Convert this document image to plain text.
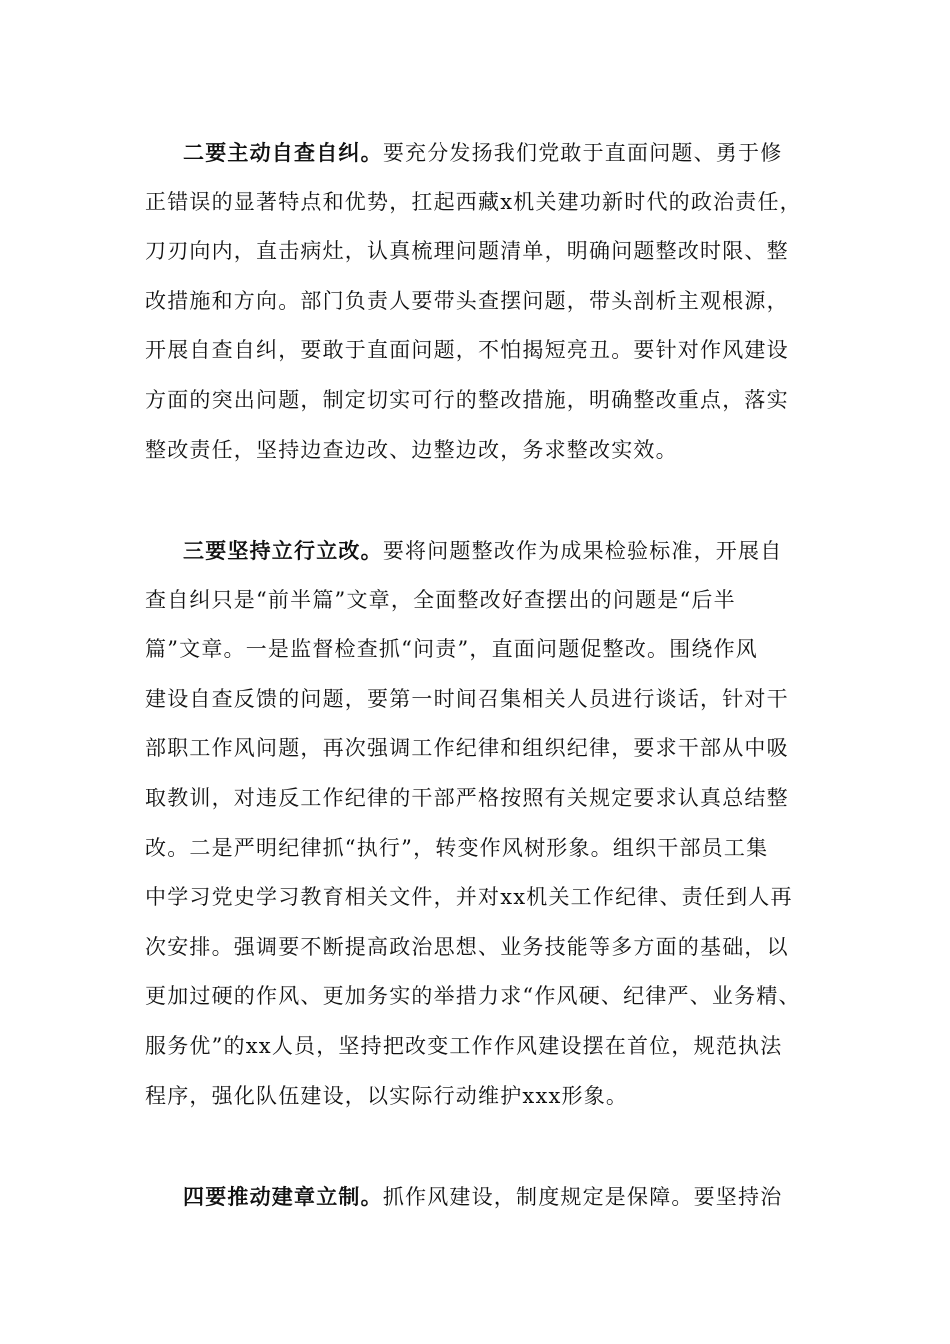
二要主动自查自纠。要充分发扬我们党敢于直面问题、勇于修
正错误的显著特点和优势，扛起西藏x机关建功新时代的政治责任，
刀刃向内，直击病灶，认真梳理问题清单，明确问题整改时限、整
改措施和方向。部门负责人要带头查摆问题，带头剖析主观根源，
开展自查自纠，要敢于直面问题，不怕揭短亮丑。要针对作风建设
方面的突出问题，制定切实可行的整改措施，明确整改重点，落实
整改责任，坚持边查边改、边整边改，务求整改实效。
三要坚持立行立改。要将问题整改作为成果检验标准，开展自
查自纠只是“前半篇”文章，全面整改好查摆出的问题是“后半
篇”文章。一是监督检查抓“问责”，直面问题促整改。围绕作风
建设自查反馈的问题，要第一时间召集相关人员进行谈话，针对干
部职工作风问题，再次强调工作纪律和组织纪律，要求干部从中吸
取教训，对违反工作纪律的干部严格按照有关规定要求认真总结整
改。二是严明纪律抓“执行”，转变作风树形象。组织干部员工集
中学习党史学习教育相关文件，并对xx机关工作纪律、责任到人再
次安排。强调要不断提高政治思想、业务技能等多方面的基础，以
更加过硬的作风、更加务实的举措力求“作风硬、纪律严、业务精、
服务优”的xx人员，坚持把改变工作作风建设摆在首位，规范执法
程序，强化队伍建设，以实际行动维护xxx形象。
四要推动建章立制。抓作风建设，制度规定是保障。要坚持治
